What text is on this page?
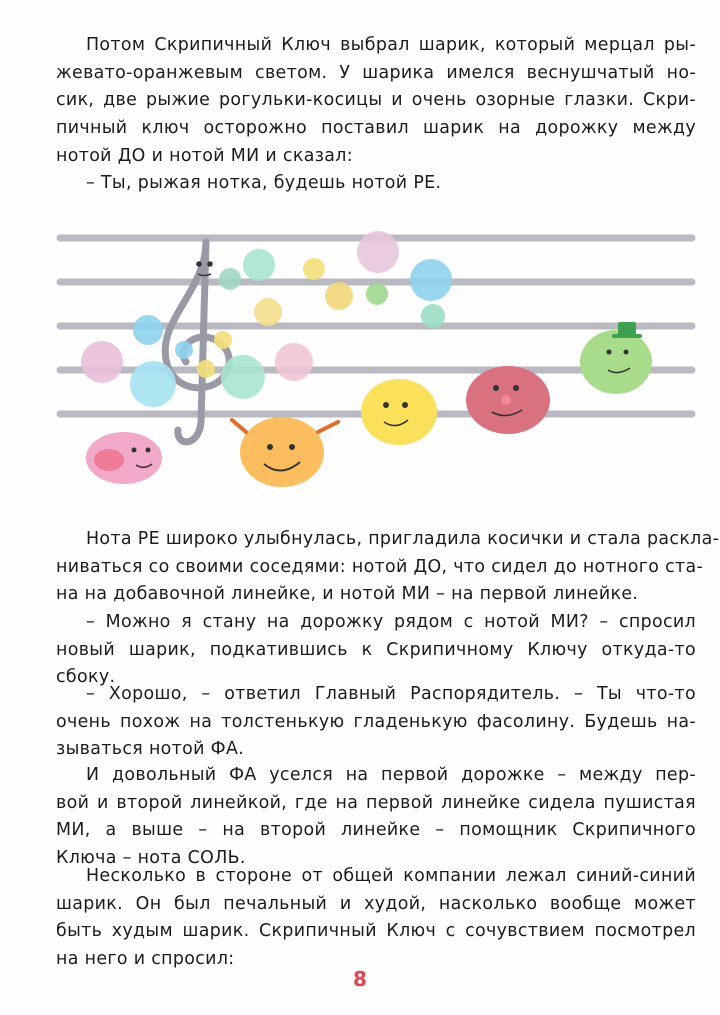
Потом Скрипичный Ключ выбрал шарик, который мерцал ры-
жевато-оранжевым светом. У шарика имелся веснушчатый но-
сик, две рыжие рогульки-косицы и очень озорные глазки. Скри-
пичный ключ осторожно поставил шарик на дорожку между
нотой ДО и нотой МИ и сказал:
– Ты, рыжая нотка, будешь нотой РЕ.
Нота РЕ широко улыбнулась, пригладила косички и стала раскла-
ниваться со своими соседями: нотой ДО, что сидел до нотного ста-
на на добавочной линейке, и нотой МИ – на первой линейке.
– Можно я стану на дорожку рядом с нотой МИ? – спросил
новый шарик, подкатившись к Скрипичному Ключу откуда-то
сбоку.
– Хорошо, – ответил Главный Распорядитель. – Ты что-то
очень похож на толстенькую гладенькую фасолину. Будешь на-
зываться нотой ФА.
И довольный ФА уселся на первой дорожке – между пер-
вой и второй линейкой, где на первой линейке сидела пушистая
МИ, а выше – на второй линейке – помощник Скрипичного
Ключа – нота СОЛЬ.
Несколько в стороне от общей компании лежал синий-синий
шарик. Он был печальный и худой, насколько вообще может
быть худым шарик. Скрипичный Ключ с сочувствием посмотрел
на него и спросил:
8
